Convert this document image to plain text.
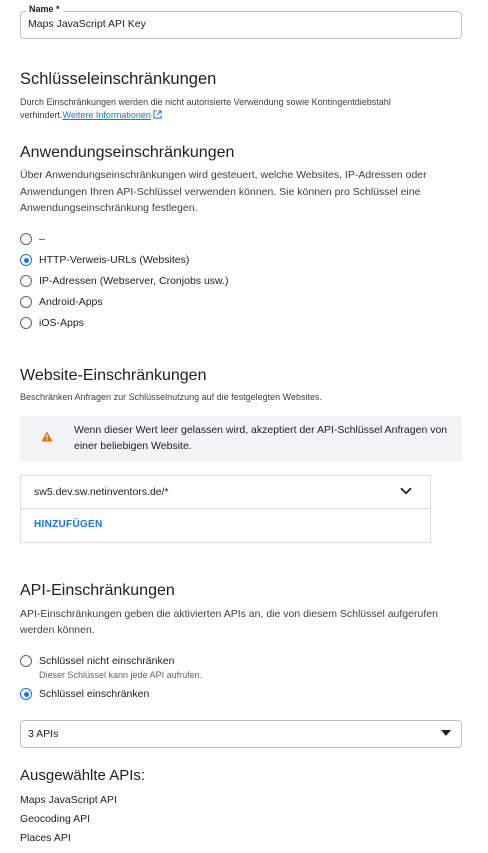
Name *
Maps JavaScript API Key
Schlüsseleinschränkungen
Durch Einschränkungen werden die nicht autorisierte Verwendung sowie Kontingentdiebstahl
verhindert.Weitere Informationen
Anwendungseinschränkungen
Über Anwendungseinschränkungen wird gesteuert, welche Websites, IP-Adressen oder
Anwendungen Ihren API-Schlüssel verwenden können. Sie können pro Schlüssel eine
Anwendungseinschränkung festlegen.
–
HTTP-Verweis-URLs (Websites)
IP-Adressen (Webserver, Cronjobs usw.)
Android-Apps
iOS-Apps
Website-Einschränkungen
Beschränken Anfragen zur Schlüsselnutzung auf die festgelegten Websites.
Wenn dieser Wert leer gelassen wird, akzeptiert der API-Schlüssel Anfragen von
einer beliebigen Website.
sw5.dev.sw.netinventors.de/*
HINZUFÜGEN
API-Einschränkungen
API-Einschränkungen geben die aktivierten APIs an, die von diesem Schlüssel aufgerufen
werden können.
Schlüssel nicht einschränken
Dieser Schlüssel kann jede API aufrufen.
Schlüssel einschränken
3 APIs
Ausgewählte APIs:
Maps JavaScript API
Geocoding API
Places API
